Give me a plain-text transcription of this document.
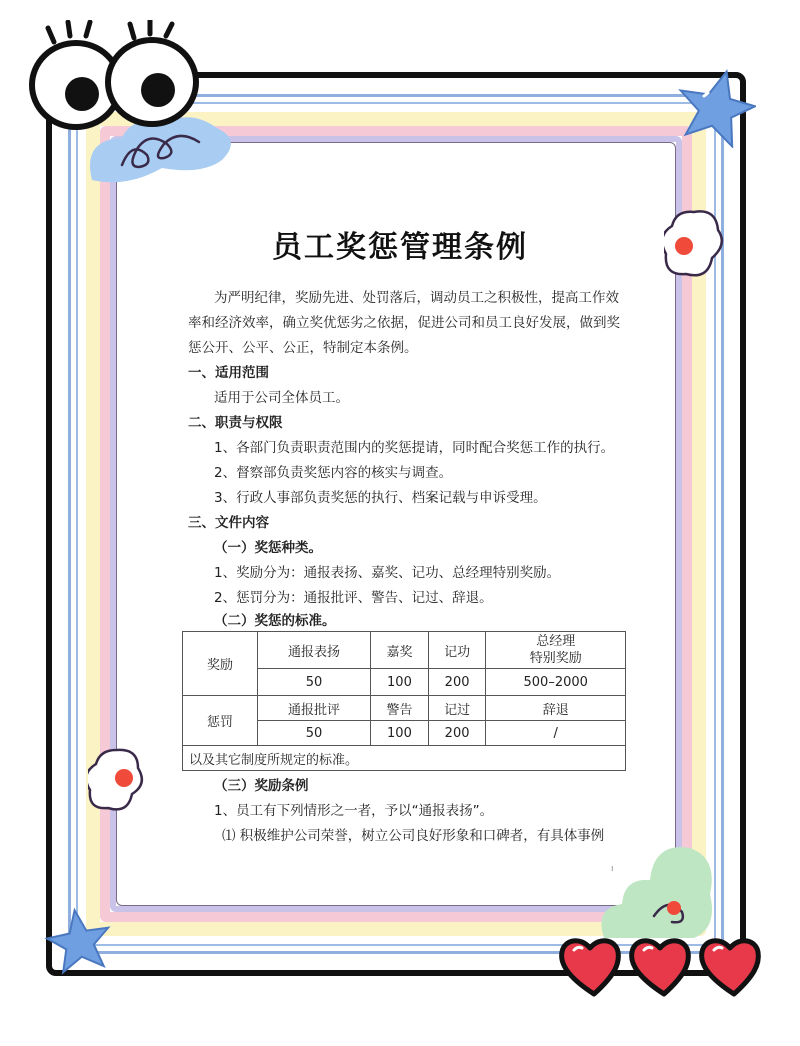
员工奖惩管理条例
为严明纪律，奖励先进、处罚落后，调动员工之积极性，提高工作效
率和经济效率，确立奖优惩劣之依据，促进公司和员工良好发展，做到奖
惩公开、公平、公正，特制定本条例。
一、适用范围
适用于公司全体员工。
二、职责与权限
1、各部门负责职责范围内的奖惩提请，同时配合奖惩工作的执行。
2、督察部负责奖惩内容的核实与调查。
3、行政人事部负责奖惩的执行、档案记载与申诉受理。
三、文件内容
（一）奖惩种类。
1、奖励分为：通报表扬、嘉奖、记功、总经理特别奖励。
2、惩罚分为：通报批评、警告、记过、辞退。
（二）奖惩的标准。
奖励	通报表扬	嘉奖	记功	总经理
特别奖励

	50	100	200	500–2000
惩罚	通报批评	警告	记过	辞退
	50	100	200	/
以及其它制度所规定的标准。				
（三）奖励条例
1、员工有下列情形之一者，予以“通报表扬”。
⑴ 积极维护公司荣誉，树立公司良好形象和口碑者，有具体事例
ı
